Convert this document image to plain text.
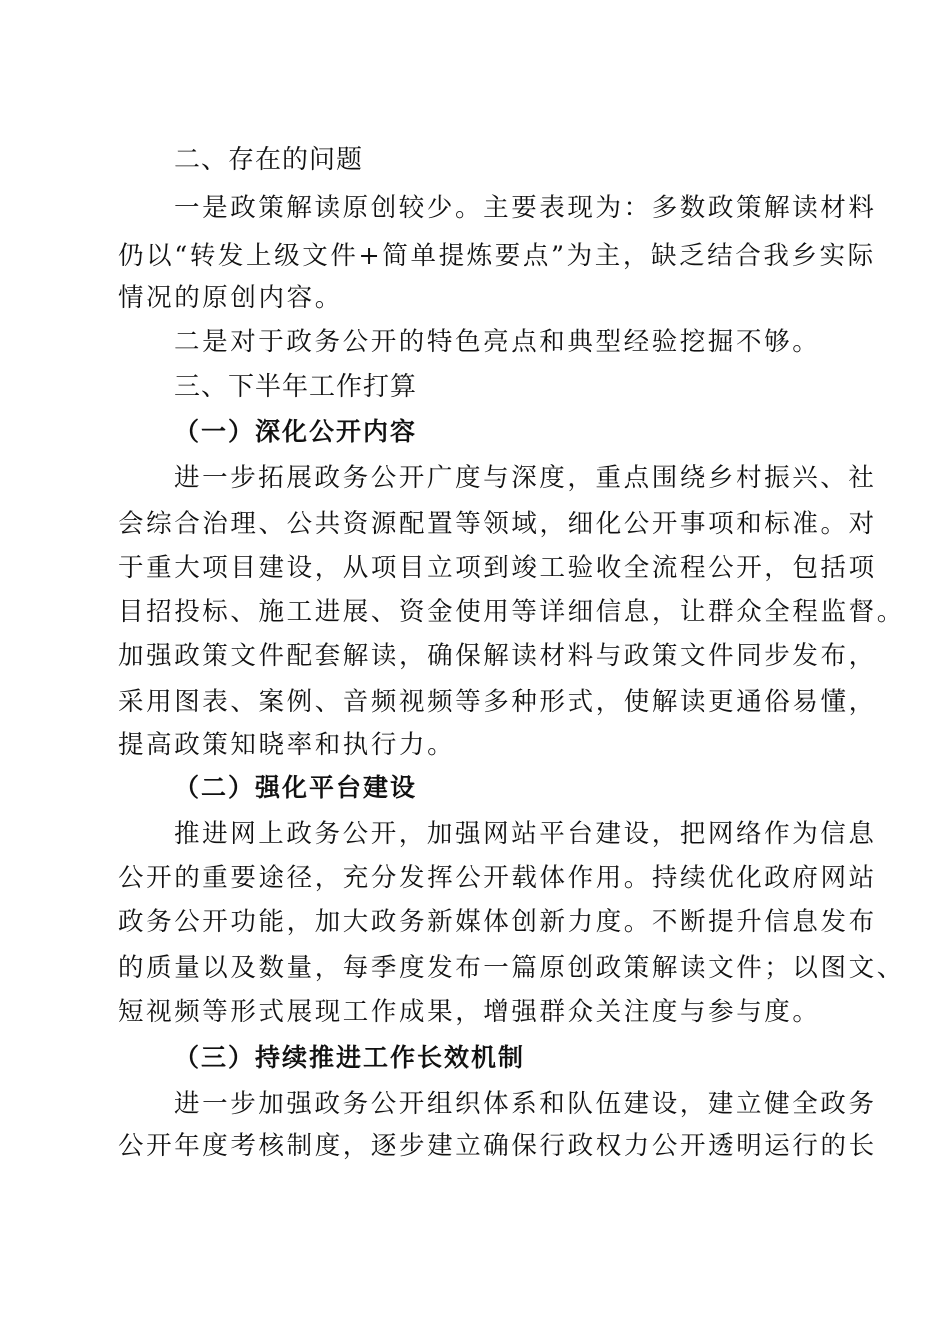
二、存在的问题
一是政策解读原创较少。主要表现为：多数政策解读材料
仍以“转发上级文件+简单提炼要点”为主，缺乏结合我乡实际
情况的原创内容。
二是对于政务公开的特色亮点和典型经验挖掘不够。
三、下半年工作打算
（一）深化公开内容
进一步拓展政务公开广度与深度，重点围绕乡村振兴、社
会综合治理、公共资源配置等领域，细化公开事项和标准。对
于重大项目建设，从项目立项到竣工验收全流程公开，包括项
目招投标、施工进展、资金使用等详细信息，让群众全程监督。
加强政策文件配套解读，确保解读材料与政策文件同步发布，
采用图表、案例、音频视频等多种形式，使解读更通俗易懂，
提高政策知晓率和执行力。
（二）强化平台建设
推进网上政务公开，加强网站平台建设，把网络作为信息
公开的重要途径，充分发挥公开载体作用。持续优化政府网站
政务公开功能，加大政务新媒体创新力度。不断提升信息发布
的质量以及数量，每季度发布一篇原创政策解读文件；以图文、
短视频等形式展现工作成果，增强群众关注度与参与度。
（三）持续推进工作长效机制
进一步加强政务公开组织体系和队伍建设，建立健全政务
公开年度考核制度，逐步建立确保行政权力公开透明运行的长
